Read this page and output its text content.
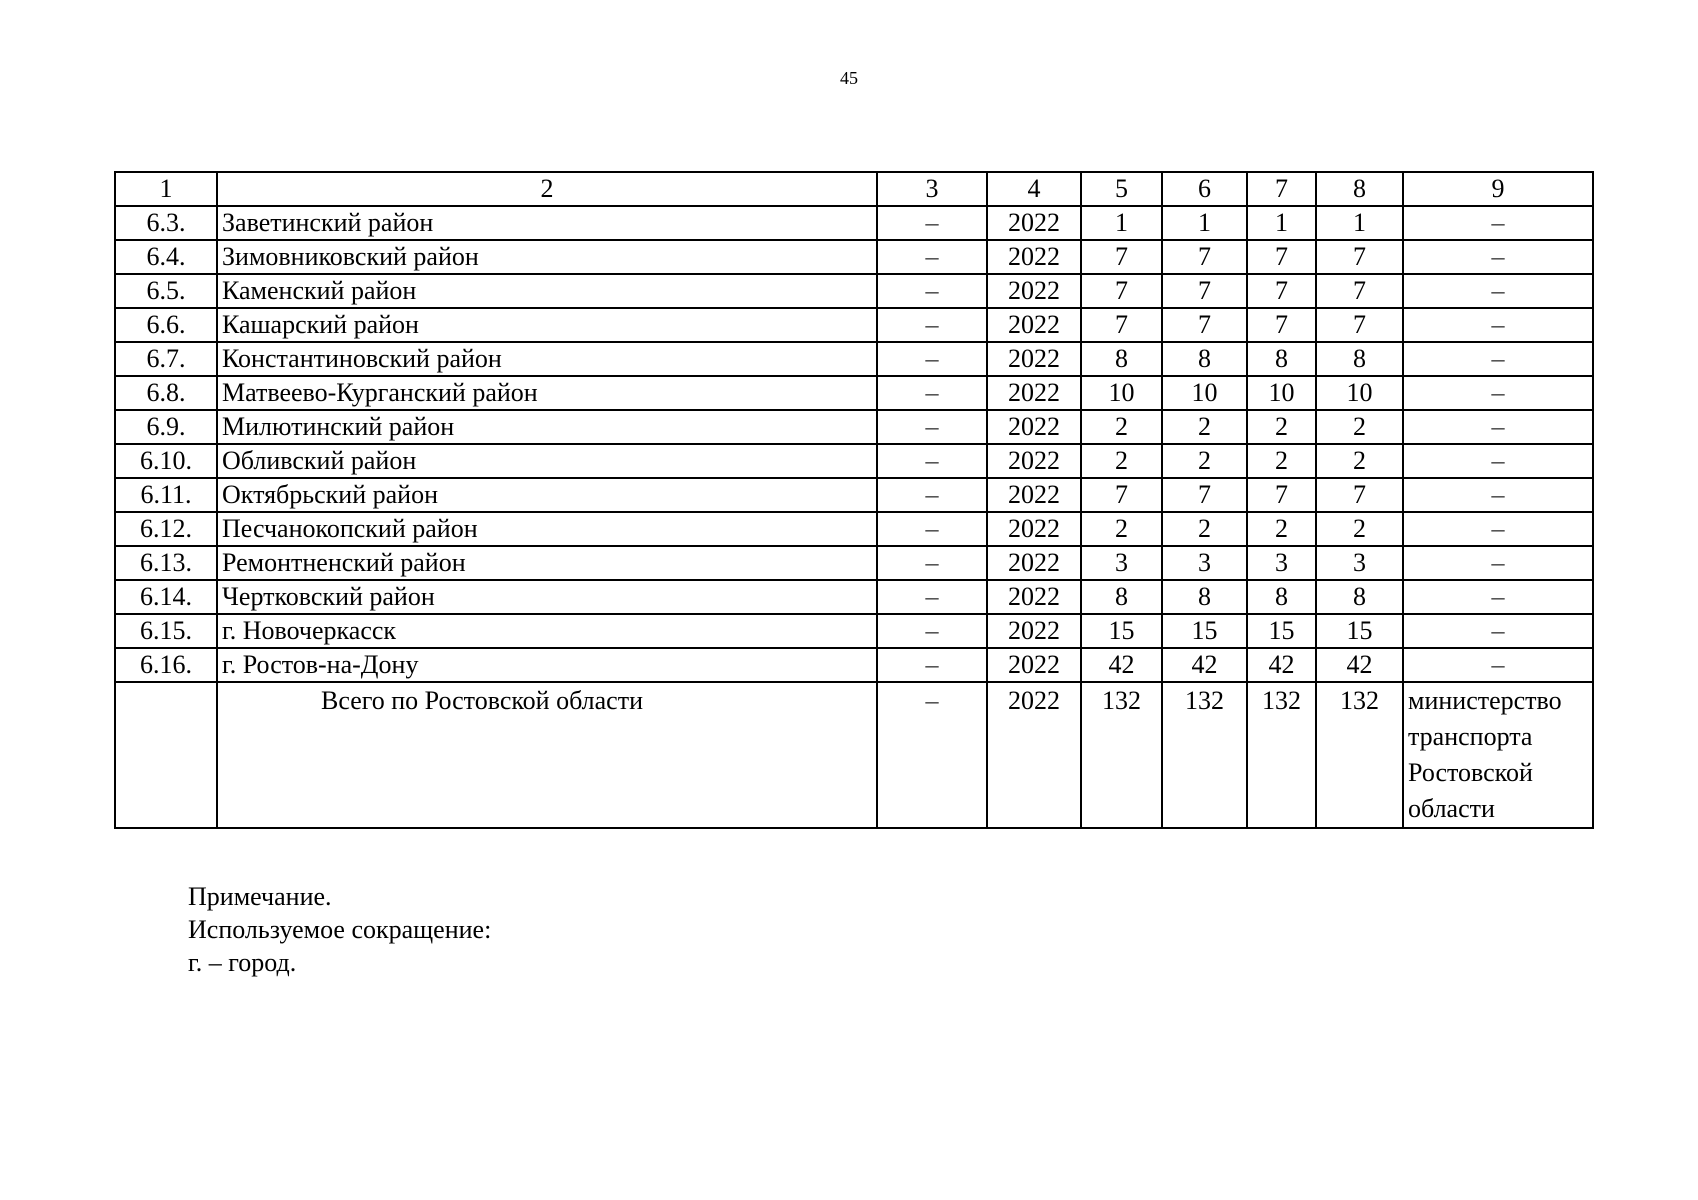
45
1	2	3	4	5	6	7	8	9
6.3.	Заветинский район	–	2022	1	1	1	1	–
6.4.	Зимовниковский район	–	2022	7	7	7	7	–
6.5.	Каменский район	–	2022	7	7	7	7	–
6.6.	Кашарский район	–	2022	7	7	7	7	–
6.7.	Константиновский район	–	2022	8	8	8	8	–
6.8.	Матвеево-Курганский район	–	2022	10	10	10	10	–
6.9.	Милютинский район	–	2022	2	2	2	2	–
6.10.	Обливский район	–	2022	2	2	2	2	–
6.11.	Октябрьский район	–	2022	7	7	7	7	–
6.12.	Песчанокопский район	–	2022	2	2	2	2	–
6.13.	Ремонтненский район	–	2022	3	3	3	3	–
6.14.	Чертковский район	–	2022	8	8	8	8	–
6.15.	г. Новочеркасск	–	2022	15	15	15	15	–
6.16.	г. Ростов-на-Дону	–	2022	42	42	42	42	–
	Всего по Ростовской области	–	2022	132	132	132	132	министерство
транспорта
Ростовской
области
Примечание.
Используемое сокращение:
г. – город.
